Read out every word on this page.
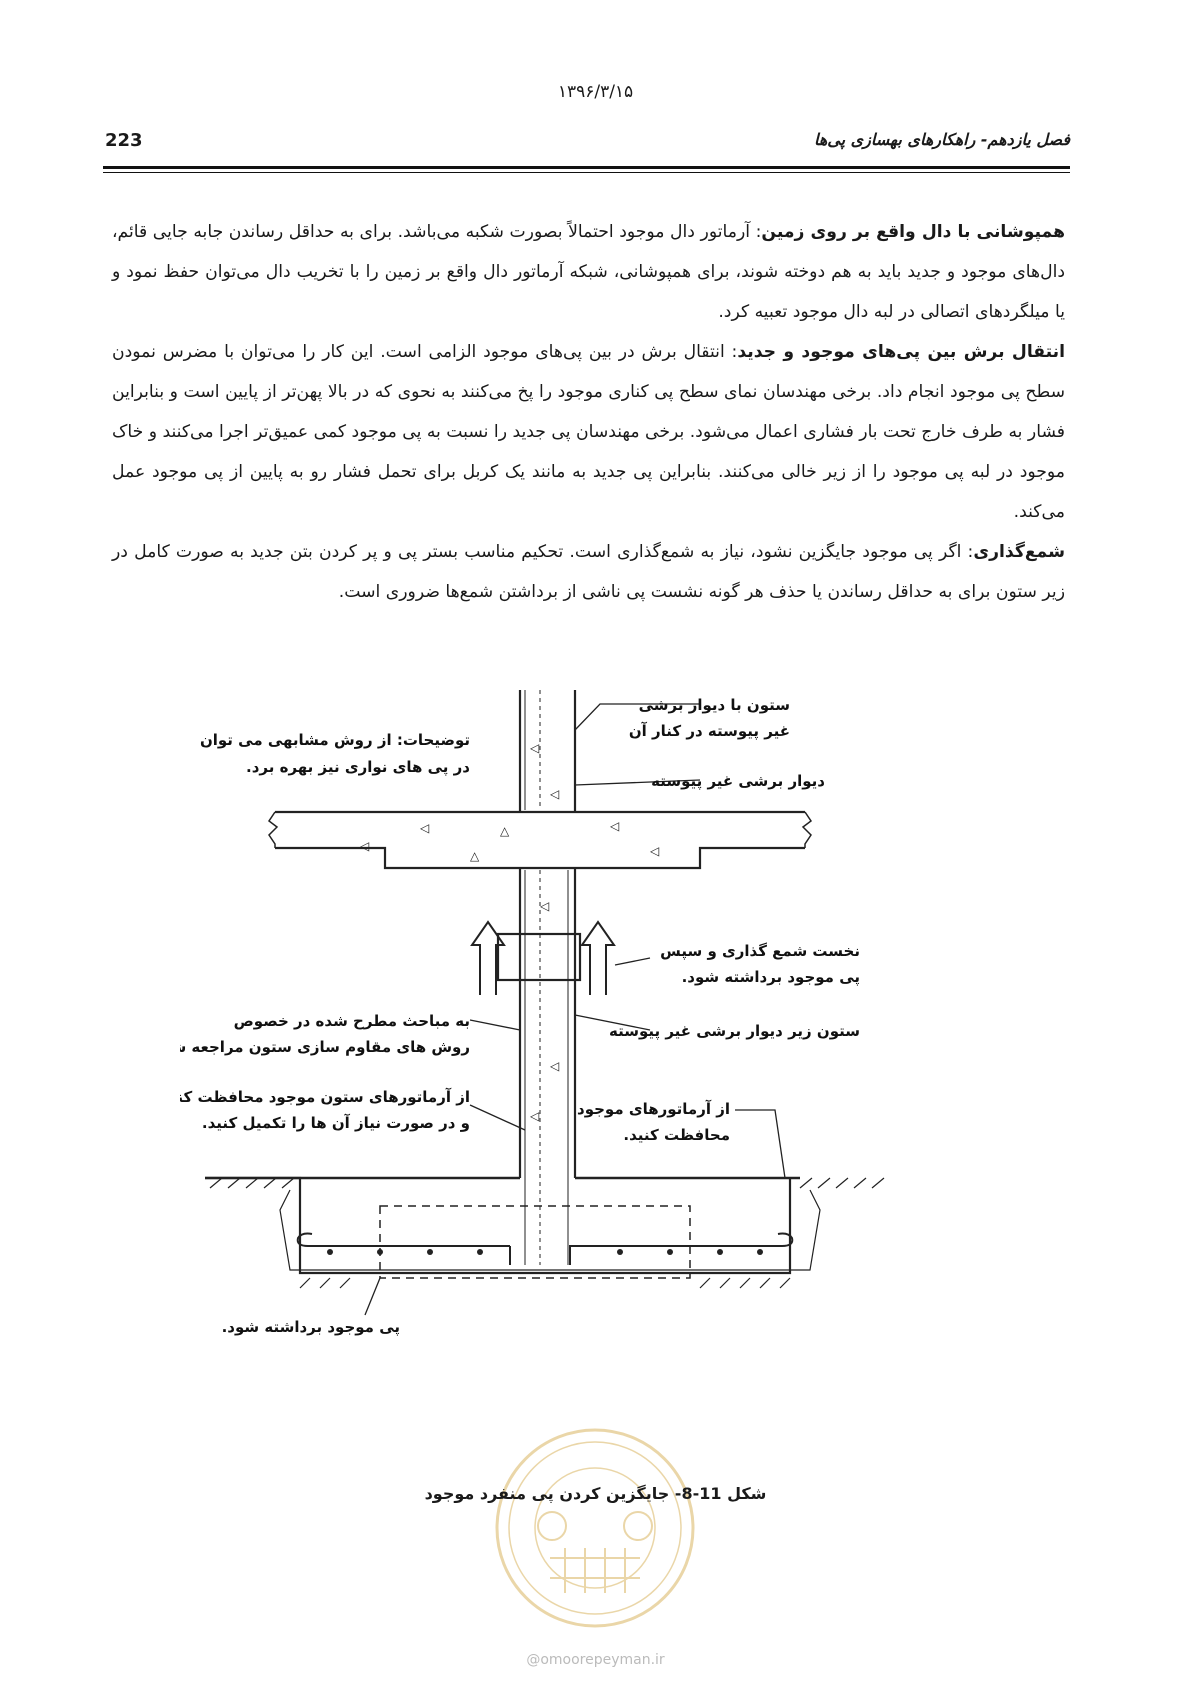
۱۳۹۶/۳/۱۵
223	فصل یازدهم- راهکارهای بهسازی پی‌ها

همپوشانی با دال واقع بر روی زمین: آرماتور دال موجود احتمالاً بصورت شکبه می‌باشد. برای به حداقل رساندن جابه جایی قائم، دال‌های موجود و جدید باید به هم دوخته شوند، برای همپوشانی، شبکه آرماتور دال واقع بر زمین را با تخریب دال می‌توان حفظ نمود و یا میلگردهای اتصالی در لبه دال موجود تعبیه کرد.

انتقال برش بین پی‌های موجود و جدید: انتقال برش در بین پی‌های موجود الزامی است. این کار را می‌توان با مضرس نمودن سطح پی موجود انجام داد. برخی مهندسان نمای سطح پی کناری موجود را پخ می‌کنند به نحوی که در بالا پهن‌تر از پایین است و بنابراین فشار به طرف خارج تحت بار فشاری اعمال می‌شود. برخی مهندسان پی جدید را نسبت به پی موجود کمی عمیق‌تر اجرا می‌کنند و خاک موجود در لبه پی موجود را از زیر خالی می‌کنند. بنابراین پی جدید به مانند یک کربل برای تحمل فشار رو به پایین از پی موجود عمل می‌کند.

شمع‌گذاری: اگر پی موجود جایگزین نشود، نیاز به شمع‌گذاری است. تحکیم مناسب بستر پی و پر کردن بتن جدید به صورت کامل در زیر ستون برای به حداقل رساندن یا حذف هر گونه نشست پی ناشی از برداشتن شمع‌ها ضروری است.

◁
◁
◁	△	◁
◁
△	◁
◁
◁
◁
ستون با دیوار برشی
غیر پیوسته در کنار آن
توضیحات: از روش مشابهی می توان
در پی های نواری نیز بهره برد.
دیوار برشی غیر پیوسته
نخست شمع گذاری و سپس
پی موجود برداشته شود.
به مباحث مطرح شده در خصوص
روش های مقاوم سازی ستون مراجعه شود.
ستون زیر دیوار برشی غیر پیوسته
از آرماتورهای ستون موجود محافظت کنید
و در صورت نیاز آن ها را تکمیل کنید.
از آرماتورهای موجود
محافظت کنید.
پی موجود برداشته شود.
شکل 11-8- جایگزین کردن پی منفرد موجود
@omoorepeyman.ir
